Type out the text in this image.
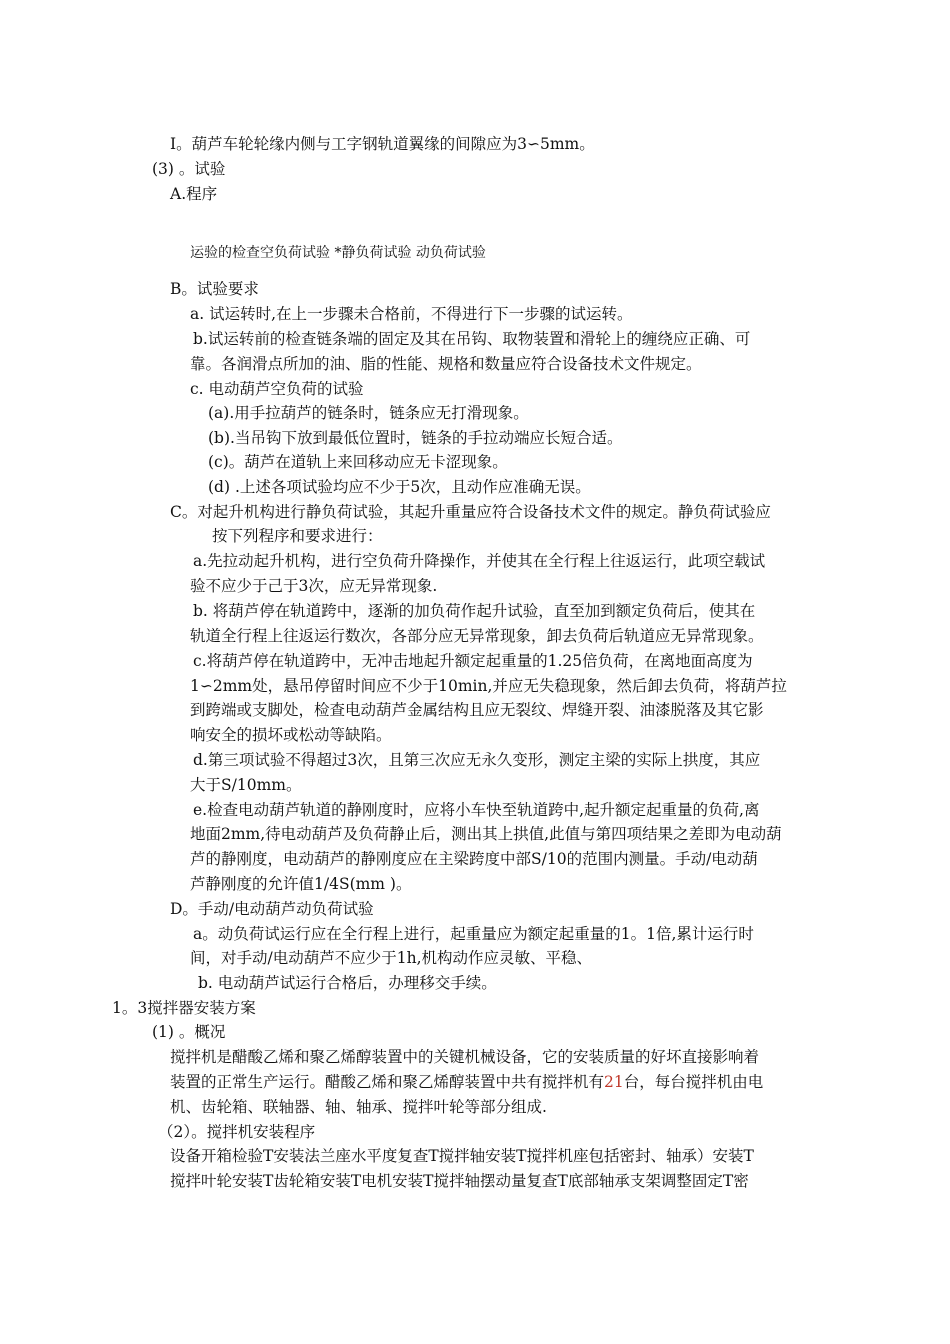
I。葫芦车轮轮缘内侧与工字钢轨道翼缘的间隙应为3∽5mm。
(3) 。试验
A.程序
运验的检查空负荷试验 *静负荷试验 动负荷试验
B。试验要求
a. 试运转时,在上一步骤未合格前，不得进行下一步骤的试运转。
b.试运转前的检查链条端的固定及其在吊钩、取物装置和滑轮上的缠绕应正确、可
靠。各润滑点所加的油、脂的性能、规格和数量应符合设备技术文件规定。
c. 电动葫芦空负荷的试验
(a).用手拉葫芦的链条时，链条应无打滑现象。
(b).当吊钩下放到最低位置时，链条的手拉动端应长短合适。
(c)。葫芦在道轨上来回移动应无卡涩现象。
(d) .上述各项试验均应不少于5次，且动作应准确无误。
C。对起升机构进行静负荷试验，其起升重量应符合设备技术文件的规定。静负荷试验应
按下列程序和要求进行：
a.先拉动起升机构，进行空负荷升降操作，并使其在全行程上往返运行，此项空载试
验不应少于己于3次，应无异常现象.
b. 将葫芦停在轨道跨中，逐渐的加负荷作起升试验，直至加到额定负荷后，使其在
轨道全行程上往返运行数次，各部分应无异常现象，卸去负荷后轨道应无异常现象。
c.将葫芦停在轨道跨中，无冲击地起升额定起重量的1.25倍负荷，在离地面高度为
1∽2mm处，悬吊停留时间应不少于10min,并应无失稳现象，然后卸去负荷，将葫芦拉
到跨端或支脚处，检查电动葫芦金属结构且应无裂纹、焊缝开裂、油漆脱落及其它影
响安全的损坏或松动等缺陷。
d.第三项试验不得超过3次，且第三次应无永久变形，测定主梁的实际上拱度，其应
大于S/10mm。
e.检查电动葫芦轨道的静刚度时，应将小车快至轨道跨中,起升额定起重量的负荷,离
地面2mm,待电动葫芦及负荷静止后，测出其上拱值,此值与第四项结果之差即为电动葫
芦的静刚度，电动葫芦的静刚度应在主梁跨度中部S/10的范围内测量。手动/电动葫
芦静刚度的允许值1/4S(mm )。
D。手动/电动葫芦动负荷试验
a。动负荷试运行应在全行程上进行，起重量应为额定起重量的1。1倍,累计运行时
间，对手动/电动葫芦不应少于1h,机构动作应灵敏、平稳、
b. 电动葫芦试运行合格后，办理移交手续。
1。3搅拌器安装方案
(1) 。概况
搅拌机是醋酸乙烯和聚乙烯醇装置中的关键机械设备，它的安装质量的好坏直接影响着
装置的正常生产运行。醋酸乙烯和聚乙烯醇装置中共有搅拌机有21台，每台搅拌机由电
机、齿轮箱、联轴器、轴、轴承、搅拌叶轮等部分组成.
（2）。搅拌机安装程序
设备开箱检验T安装法兰座水平度复查T搅拌轴安装T搅拌机座包括密封、轴承）安装T
搅拌叶轮安装T齿轮箱安装T电机安装T搅拌轴摆动量复查T底部轴承支架调整固定T密
